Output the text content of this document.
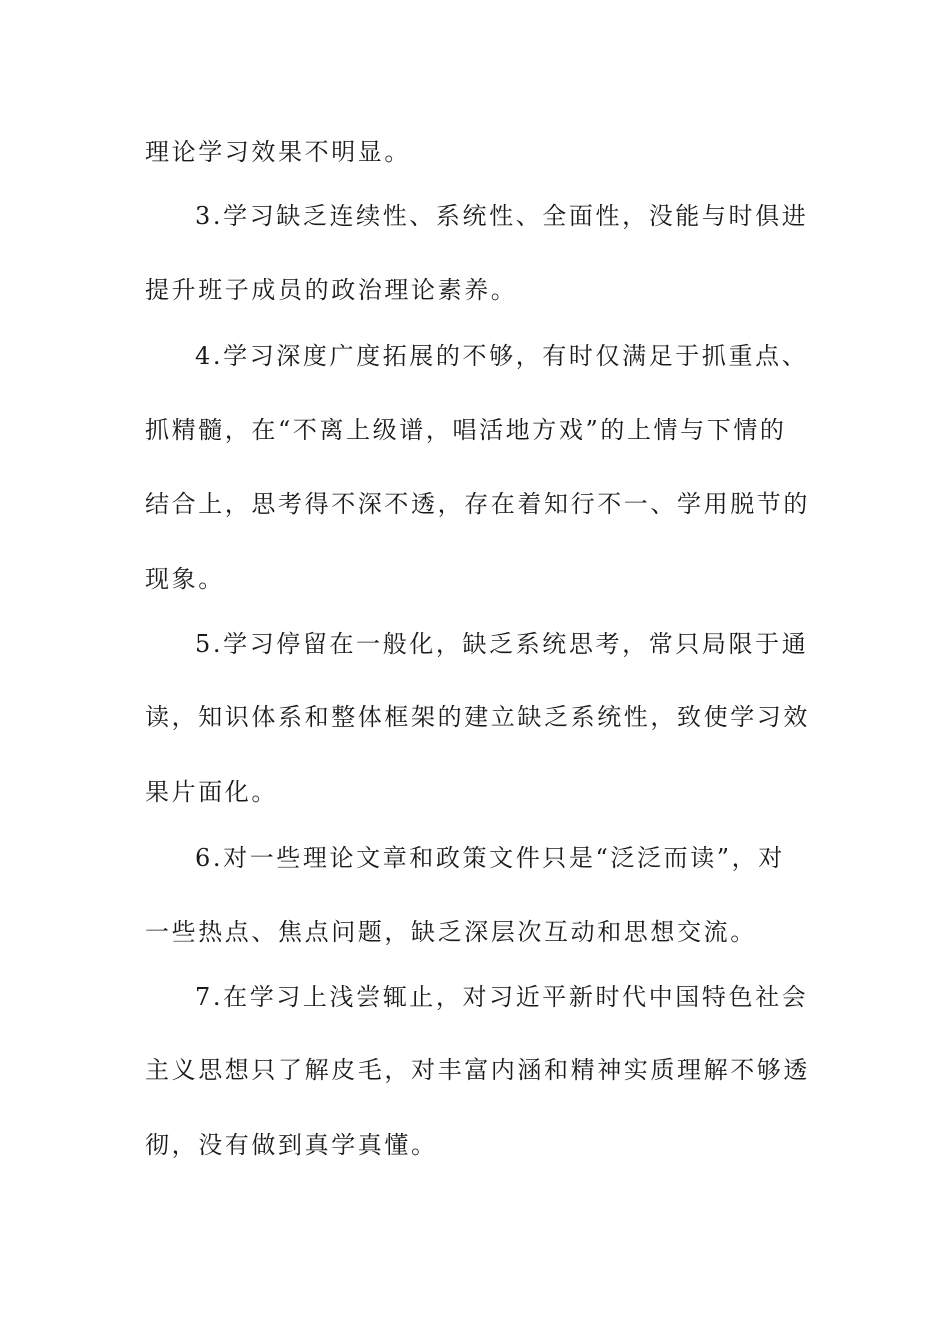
理论学习效果不明显。
3.学习缺乏连续性、系统性、全面性，没能与时俱进
提升班子成员的政治理论素养。
4.学习深度广度拓展的不够，有时仅满足于抓重点、
抓精髓，在“不离上级谱，唱活地方戏”的上情与下情的
结合上，思考得不深不透，存在着知行不一、学用脱节的
现象。
5.学习停留在一般化，缺乏系统思考，常只局限于通
读，知识体系和整体框架的建立缺乏系统性，致使学习效
果片面化。
6.对一些理论文章和政策文件只是“泛泛而读”，对
一些热点、焦点问题，缺乏深层次互动和思想交流。
7.在学习上浅尝辄止，对习近平新时代中国特色社会
主义思想只了解皮毛，对丰富内涵和精神实质理解不够透
彻，没有做到真学真懂。
